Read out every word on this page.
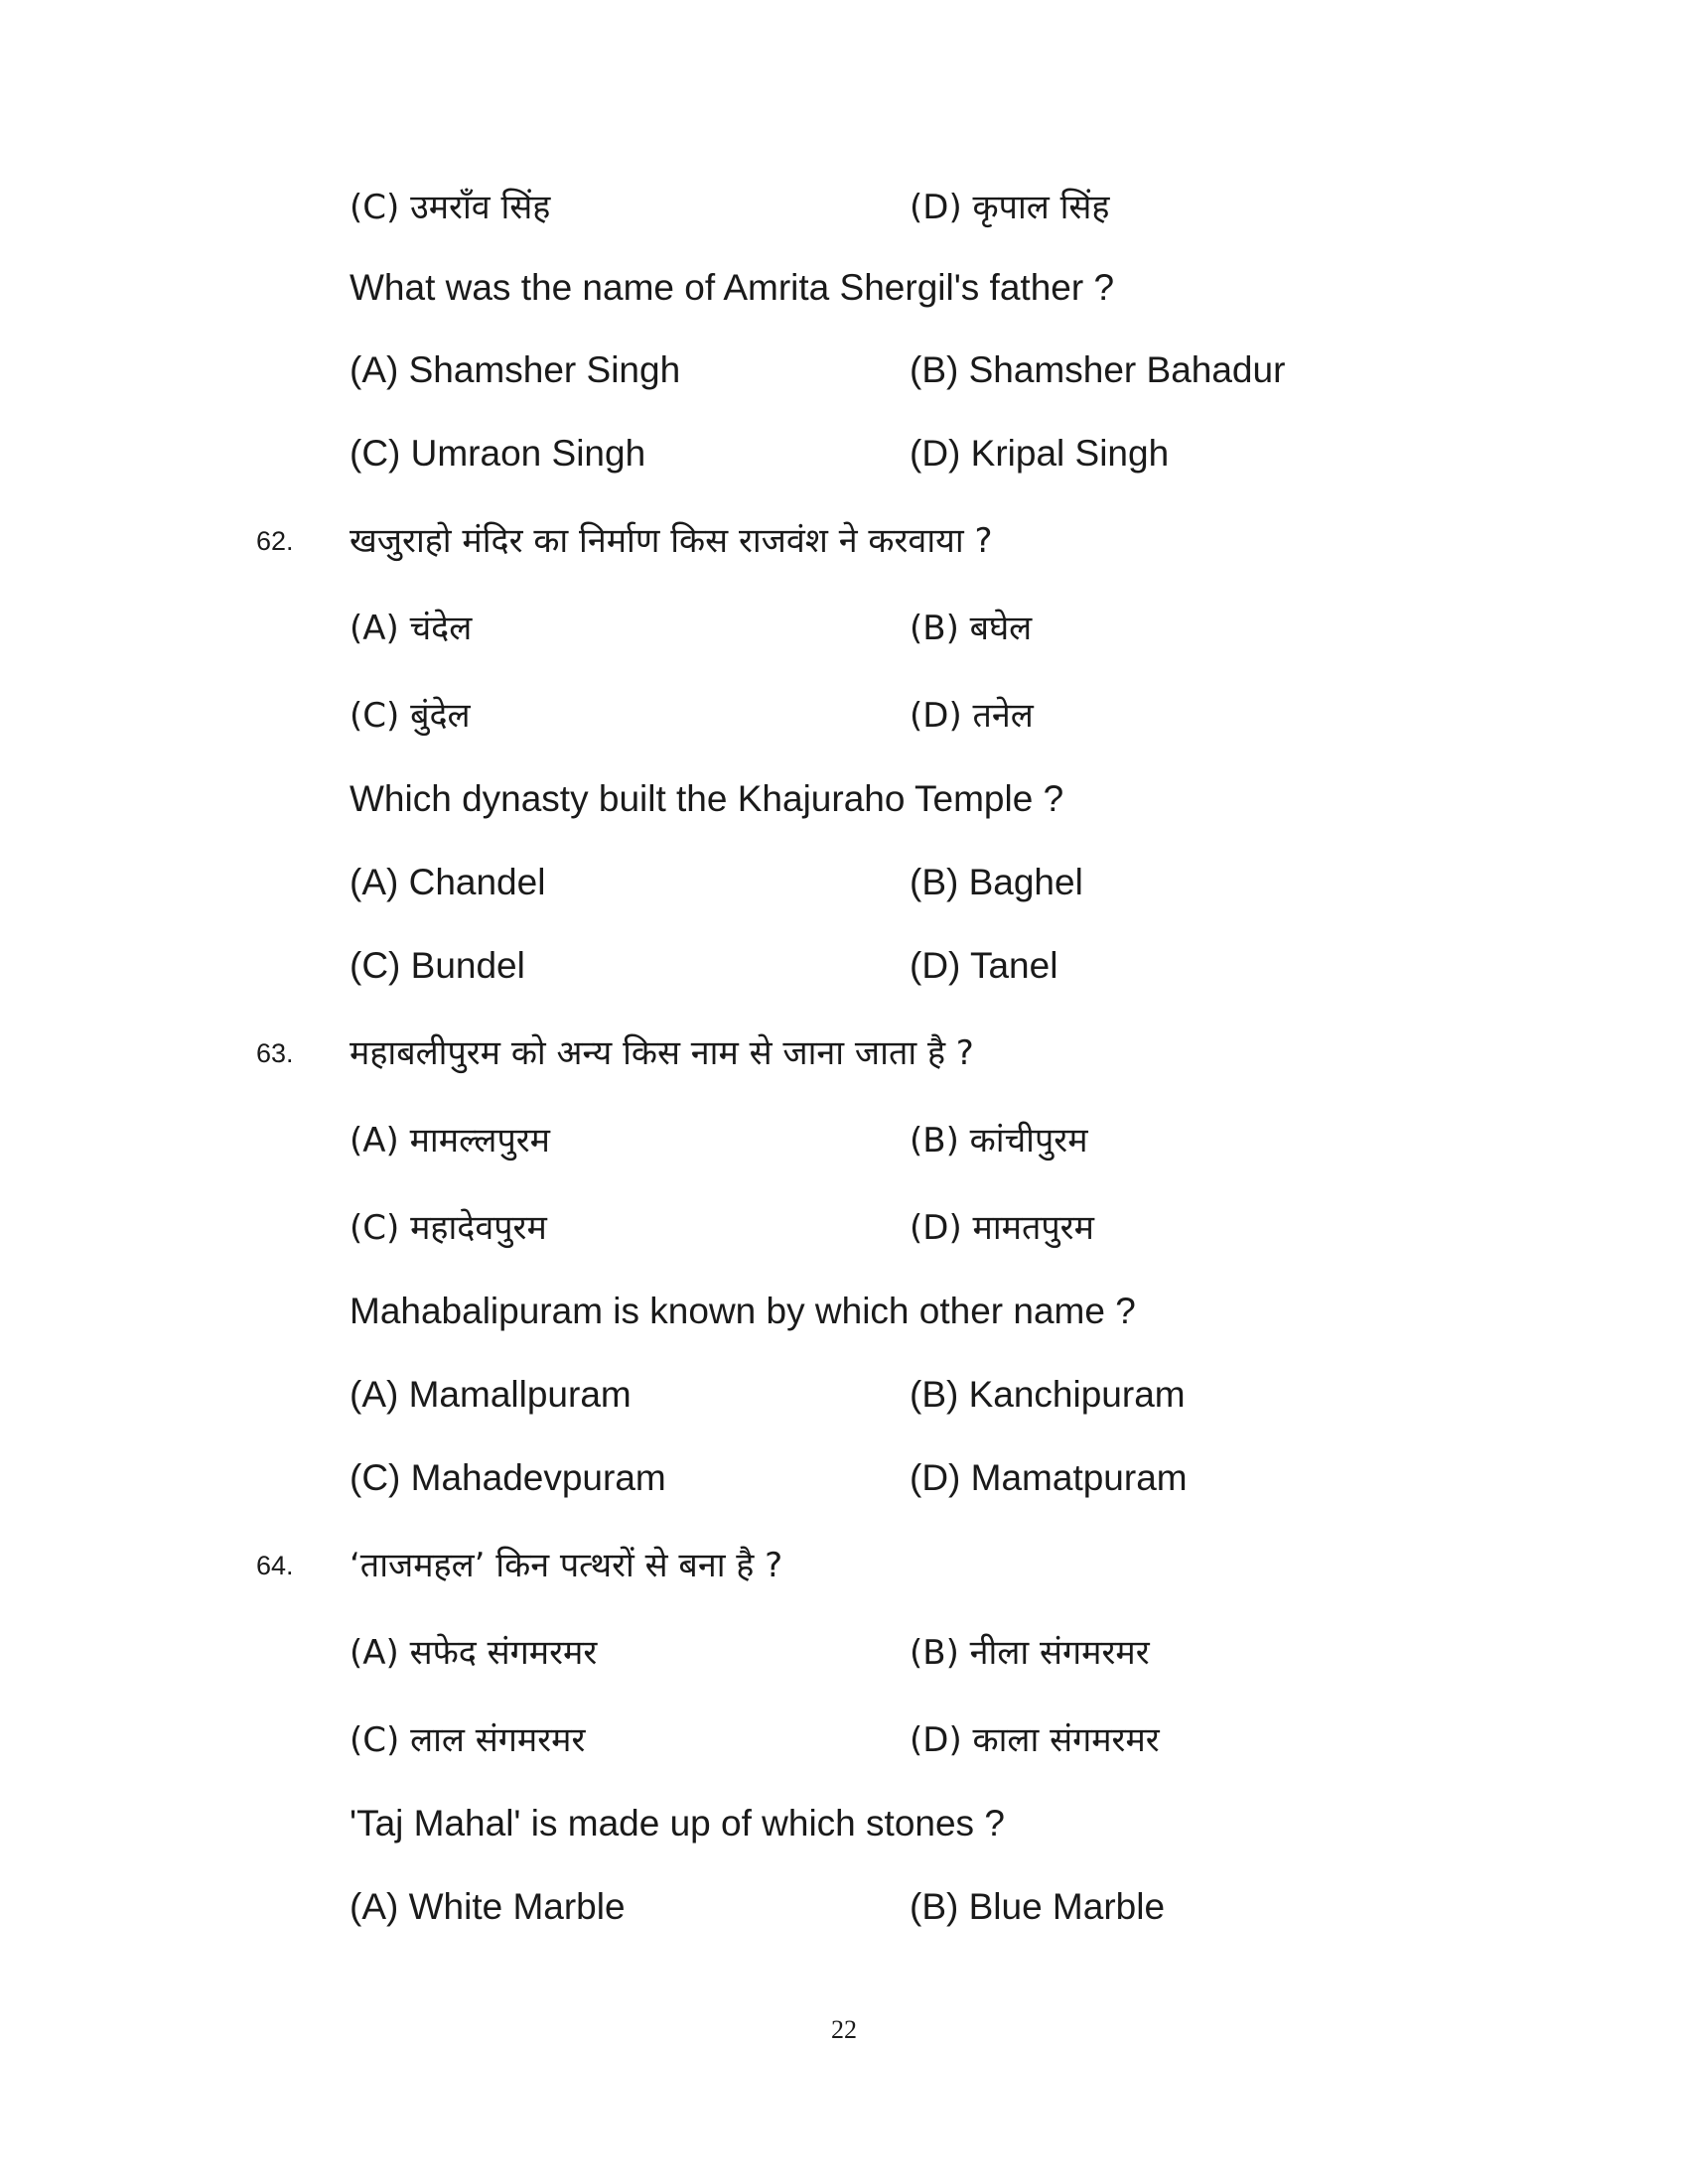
(C) उमराँव सिंह	(D) कृपाल सिंह
What was the name of Amrita Shergil's father ?
(A) Shamsher Singh	(B) Shamsher Bahadur
(C) Umraon Singh	(D) Kripal Singh
62. खजुराहो मंदिर का निर्माण किस राजवंश ने करवाया ?
(A) चंदेल	(B) बघेल
(C) बुंदेल	(D) तनेल
Which dynasty built the Khajuraho Temple ?
(A) Chandel	(B) Baghel
(C) Bundel	(D) Tanel
63. महाबलीपुरम को अन्य किस नाम से जाना जाता है ?
(A) मामल्लपुरम	(B) कांचीपुरम
(C) महादेवपुरम	(D) मामतपुरम
Mahabalipuram is known by which other name ?
(A) Mamallpuram	(B) Kanchipuram
(C) Mahadevpuram	(D) Mamatpuram
64. ‘ताजमहल’ किन पत्थरों से बना है ?
(A) सफेद संगमरमर	(B) नीला संगमरमर
(C) लाल संगमरमर	(D) काला संगमरमर
'Taj Mahal' is made up of which stones ?
(A) White Marble	(B) Blue Marble
22
